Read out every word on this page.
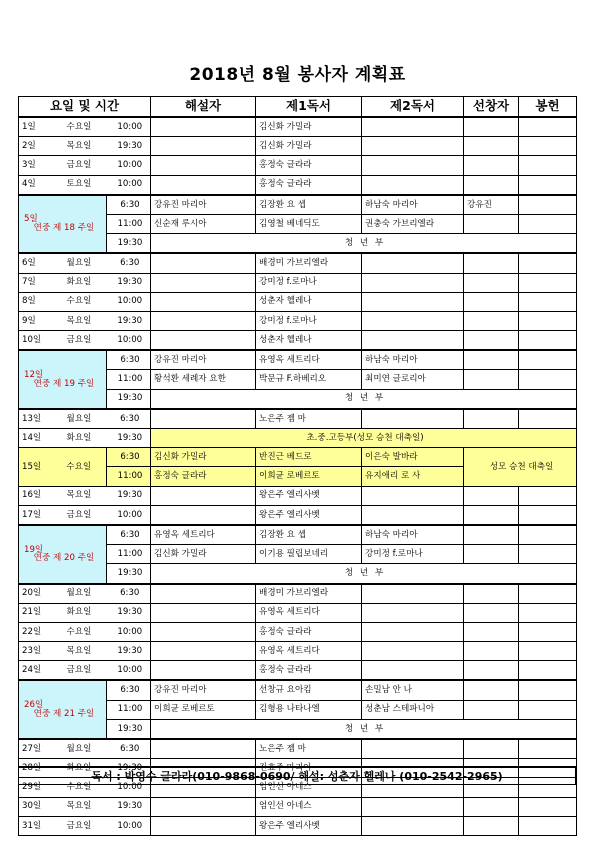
2018년 8월 봉사자 계획표
요일 및 시간			해설자	제1독서	제2독서	선창자	봉헌
1일	수요일	10:00		김신화 가밀라			
2일	목요일	19:30		김신화 가밀라			
3일	금요일	10:00		홍정숙 글라라			
4일	토요일	10:00		홍정숙 글라라			

5일
연중 제 18 주일		6:30	강유진 마리아	김장환 요 셉	하남숙 마리아	강유진	
		11:00	신순재 루시아	김영철 베네딕도	권충숙 가브리엘라		
		19:30	청 년 부				
6일	월요일	6:30		배경미 가브리엘라			
7일	화요일	19:30		강미정 f.로마나			
8일	수요일	10:00		성춘자 헬레나			
9일	목요일	19:30		강미정 f.로마나			
10일	금요일	10:00		성춘자 헬레나			

12일
연중 제 19 주일		6:30	강유진 마리아	유영옥 세트리다	하남숙 마리아		
		11:00	황석환 세례자 요한	박문규 F.하베리오	최미연 글로리아		
		19:30	청 년 부				
13일	월요일	6:30		노은주 젬 마			
14일	화요일	19:30	초.중.고등부(성모 승천 대축일)				
15일	수요일	6:30	김신화 가밀라	반진근 베드로	이은숙 발바라	성모 승천 대축일	
		11:00	홍정숙 글라라	이희균 로베르토	유지애리 로 사		
16일	목요일	19:30		왕은주 엘리사벳			
17일	금요일	10:00		왕은주 엘리사벳			

19일
연중 제 20 주일		6:30	유영옥 세트리다	김장환 요 셉	하남숙 마리아		
		11:00	김신화 가밀라	이기용 필립보네리	강미정 f.로마나		
		19:30	청 년 부				
20일	월요일	6:30		배경미 가브리엘라			
21일	화요일	19:30		유영옥 세트리다			
22일	수요일	10:00		홍정숙 글라라			
23일	목요일	19:30		유영옥 세트리다			
24일	금요일	10:00		홍정숙 글라라			

26일
연중 제 21 주일		6:30	강유진 마리아	선창규 요아킴	손밀남 안 나		
		11:00	이희균 로베르토	김형용 나타나엘	성춘남 스테파니아		
		19:30	청 년 부				
27일	월요일	6:30		노은주 젬 마			
28일	화요일	19:30		진효주 마리아			
29일	수요일	10:00		엄인선 아네스			
30일	목요일	19:30		엄인선 아네스			
31일	금요일	10:00		왕은주 엘리사벳			
독서 : 박영수 글라라(010-9868-0690/ 해설: 성춘자 헬레나 (010-2542-2965)
